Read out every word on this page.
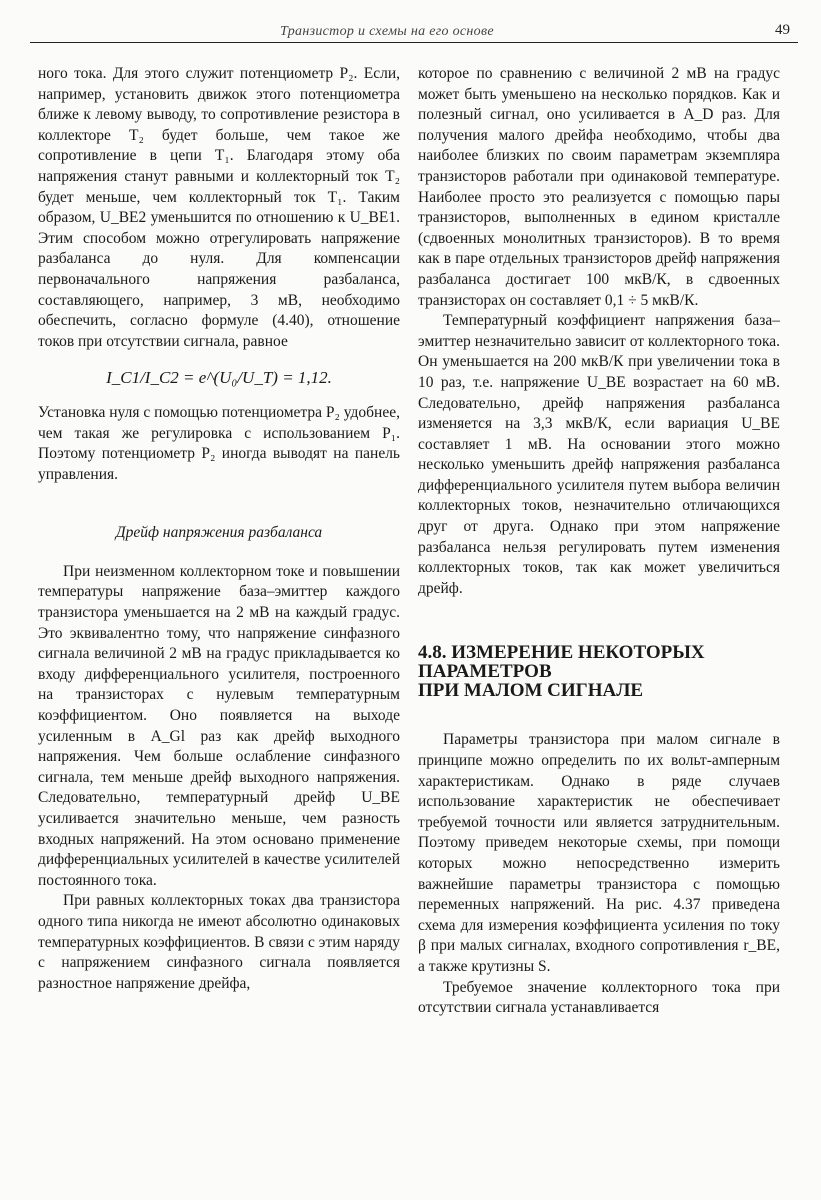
Транзистор и схемы на его основе	49

ного тока. Для этого служит потенциометр P₂. Если, например, установить движок этого потенциометра ближе к левому выводу, то сопротивление резистора в коллекторе T₂ будет больше, чем такое же сопротивление в цепи T₁. Благодаря этому оба напряжения станут равными и коллекторный ток T₂ будет меньше, чем коллекторный ток T₁. Таким образом, U_BE2 уменьшится по отношению к U_BE1. Этим способом можно отрегулировать напряжение разбаланса до нуля. Для компенсации первоначального напряжения разбаланса, составляющего, например, 3 мВ, необходимо обеспечить, согласно формуле (4.40), отношение токов при отсутствии сигнала, равное

I_C1/I_C2 = e^(U₀/U_T) = 1,12.

Установка нуля с помощью потенциометра P₂ удобнее, чем такая же регулировка с использованием P₁. Поэтому потенциометр P₂ иногда выводят на панель управления.

Дрейф напряжения разбаланса

При неизменном коллекторном токе и повышении температуры напряжение база–эмиттер каждого транзистора уменьшается на 2 мВ на каждый градус. Это эквивалентно тому, что напряжение синфазного сигнала величиной 2 мВ на градус прикладывается ко входу дифференциального усилителя, построенного на транзисторах с нулевым температурным коэффициентом. Оно появляется на выходе усиленным в A_Gl раз как дрейф выходного напряжения. Чем больше ослабление синфазного сигнала, тем меньше дрейф выходного напряжения. Следовательно, температурный дрейф U_BE усиливается значительно меньше, чем разность входных напряжений. На этом основано применение дифференциальных усилителей в качестве усилителей постоянного тока.

При равных коллекторных токах два транзистора одного типа никогда не имеют абсолютно одинаковых температурных коэффициентов. В связи с этим наряду с напряжением синфазного сигнала появляется разностное напряжение дрейфа,

которое по сравнению с величиной 2 мВ на градус может быть уменьшено на несколько порядков. Как и полезный сигнал, оно усиливается в A_D раз. Для получения малого дрейфа необходимо, чтобы два наиболее близких по своим параметрам экземпляра транзисторов работали при одинаковой температуре. Наиболее просто это реализуется с помощью пары транзисторов, выполненных в едином кристалле (сдвоенных монолитных транзисторов). В то время как в паре отдельных транзисторов дрейф напряжения разбаланса достигает 100 мкВ/К, в сдвоенных транзисторах он составляет 0,1 ÷ 5 мкВ/К.

Температурный коэффициент напряжения база–эмиттер незначительно зависит от коллекторного тока. Он уменьшается на 200 мкВ/К при увеличении тока в 10 раз, т.е. напряжение U_BE возрастает на 60 мВ. Следовательно, дрейф напряжения разбаланса изменяется на 3,3 мкВ/К, если вариация U_BE составляет 1 мВ. На основании этого можно несколько уменьшить дрейф напряжения разбаланса дифференциального усилителя путем выбора величин коллекторных токов, незначительно отличающихся друг от друга. Однако при этом напряжение разбаланса нельзя регулировать путем изменения коллекторных токов, так как может увеличиться дрейф.

4.8. ИЗМЕРЕНИЕ НЕКОТОРЫХ
ПАРАМЕТРОВ
ПРИ МАЛОМ СИГНАЛЕ

Параметры транзистора при малом сигнале в принципе можно определить по их вольт-амперным характеристикам. Однако в ряде случаев использование характеристик не обеспечивает требуемой точности или является затруднительным. Поэтому приведем некоторые схемы, при помощи которых можно непосредственно измерить важнейшие параметры транзистора с помощью переменных напряжений. На рис. 4.37 приведена схема для измерения коэффициента усиления по току β при малых сигналах, входного сопротивления r_BE, а также крутизны S.

Требуемое значение коллекторного тока при отсутствии сигнала устанавливается
